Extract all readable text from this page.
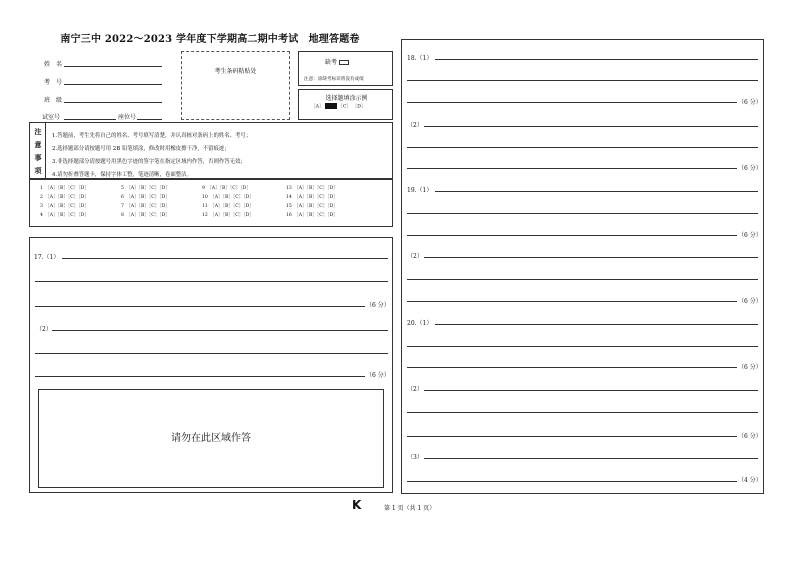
南宁三中 2022～2023 学年度下学期高二期中考试　地理答题卷
姓　名
考　号
班　级
试室号	座位号
考生条码粘贴处
缺考
注意：涂缺考标识将没有成绩
选择题填涂示例
［A］	［C］ ［D］
注
意
事
项
1.答题前，考生先将自己的姓名、考号填写清楚，并认真核对条码上的姓名、考号；
2.选择题部分请按题号用 2B 铅笔填涂，修改时用橡皮擦干净，不留痕迹；
3.非选择题部分请按题号用黑色字迹的签字笔在指定区域内作答，否则作答无效；
4.请勿折叠答题卡，保持字体工整，笔迹清晰，卷面整洁。
1　［A］［B］［C］［D］	5　［A］［B］［C］［D］	9　［A］［B］［C］［D］	13　［A］［B］［C］［D］
2　［A］［B］［C］［D］	6　［A］［B］［C］［D］	10　［A］［B］［C］［D］	14　［A］［B］［C］［D］
3　［A］［B］［C］［D］	7　［A］［B］［C］［D］	11　［A］［B］［C］［D］	15　［A］［B］［C］［D］
4　［A］［B］［C］［D］	8　［A］［B］［C］［D］	12　［A］［B］［C］［D］	16　［A］［B］［C］［D］
17.（1）
（6 分）
（2）
（6 分）
请勿在此区域作答
18.（1）
（6 分）
（2）
（6 分）
19.（1）
（6 分）
（2）
（6 分）
20.（1）
（6 分）
（2）
（6 分）
（3）
（4 分）
K	第 1 页（共 1 页）
